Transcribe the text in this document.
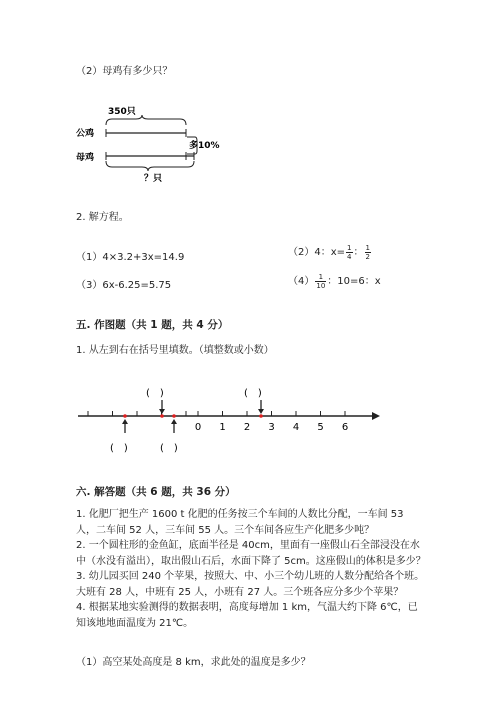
（2）母鸡有多少只？
350只
公鸡
母鸡
多10%
？只
2. 解方程。
（1）4×3.2+3x=14.9	（2）4：$x= \frac{1}{4}$ ： $\frac{1}{2}$
（3）6x-6.25=5.75	$(4) \frac{1}{10}$ ：10=6：x
五. 作图题（共 1 题，共 4 分）
1. 从左到右在括号里填数。（填整数或小数）
(　)	(　)
0 1 2 3 4 5 6
(　)	(　)
六. 解答题（共 6 题，共 36 分）
1. 化肥厂把生产 1600 t 化肥的任务按三个车间的人数比分配，一车间 53 人，二车间 52 人，三车间 55 人。三个车间各应生产化肥多少吨？
2. 一个圆柱形的金鱼缸，底面半径是 40cm，里面有一座假山石全部浸没在水中（水没有溢出），取出假山石后，水面下降了 5cm。这座假山的体积是多少？
3. 幼儿园买回 240 个苹果，按照大、中、小三个幼儿班的人数分配给各个班。大班有 28 人，中班有 25 人，小班有 27 人。三个班各应分多少个苹果？
4. 根据某地实验测得的数据表明，高度每增加 1 km，气温大约下降 6℃，已知该地地面温度为 21℃。
（1）高空某处高度是 8 km，求此处的温度是多少？
